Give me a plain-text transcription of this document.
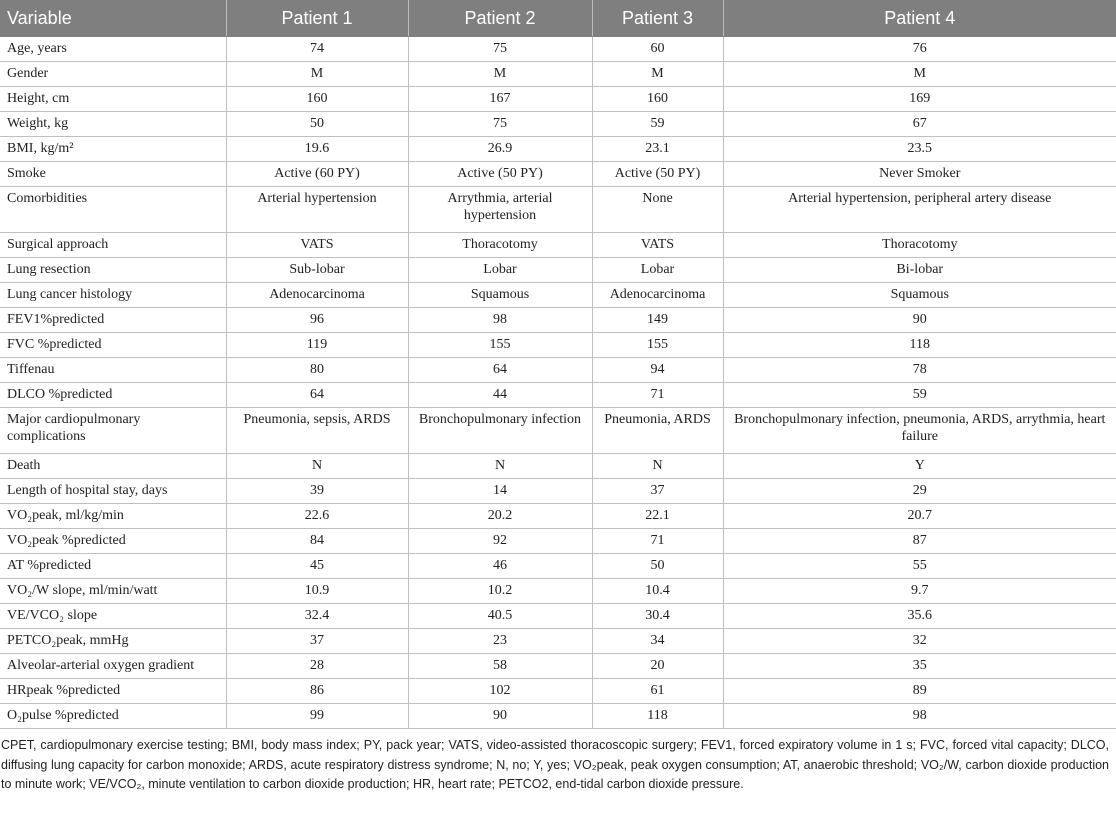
Variable	Patient 1	Patient 2	Patient 3	Patient 4
Age, years	74	75	60	76
Gender	M	M	M	M
Height, cm	160	167	160	169
Weight, kg	50	75	59	67
BMI, kg/m²	19.6	26.9	23.1	23.5
Smoke	Active (60 PY)	Active (50 PY)	Active (50 PY)	Never Smoker
Comorbidities	Arterial hypertension	Arrythmia, arterial hypertension	None	Arterial hypertension, peripheral artery disease
Surgical approach	VATS	Thoracotomy	VATS	Thoracotomy
Lung resection	Sub-lobar	Lobar	Lobar	Bi-lobar
Lung cancer histology	Adenocarcinoma	Squamous	Adenocarcinoma	Squamous
FEV1%predicted	96	98	149	90
FVC %predicted	119	155	155	118
Tiffenau	80	64	94	78
DLCO %predicted	64	44	71	59
Major cardiopulmonary complications	Pneumonia, sepsis, ARDS	Bronchopulmonary infection	Pneumonia, ARDS	Bronchopulmonary infection, pneumonia, ARDS, arrythmia, heart failure
Death	N	N	N	Y
Length of hospital stay, days	39	14	37	29
VO₂peak, ml/kg/min	22.6	20.2	22.1	20.7
VO₂peak %predicted	84	92	71	87
AT %predicted	45	46	50	55
VO₂/W slope, ml/min/watt	10.9	10.2	10.4	9.7
VE/VCO₂ slope	32.4	40.5	30.4	35.6
PETCO₂peak, mmHg	37	23	34	32
Alveolar-arterial oxygen gradient	28	58	20	35
HRpeak %predicted	86	102	61	89
O₂pulse %predicted	99	90	118	98
CPET, cardiopulmonary exercise testing; BMI, body mass index; PY, pack year; VATS, video-assisted thoracoscopic surgery; FEV1, forced expiratory volume in 1 s; FVC, forced vital capacity; DLCO, diffusing lung capacity for carbon monoxide; ARDS, acute respiratory distress syndrome; N, no; Y, yes; VO₂peak, peak oxygen consumption; AT, anaerobic threshold; VO₂/W, carbon dioxide production to minute work; VE/VCO₂, minute ventilation to carbon dioxide production; HR, heart rate; PETCO2, end-tidal carbon dioxide pressure.
